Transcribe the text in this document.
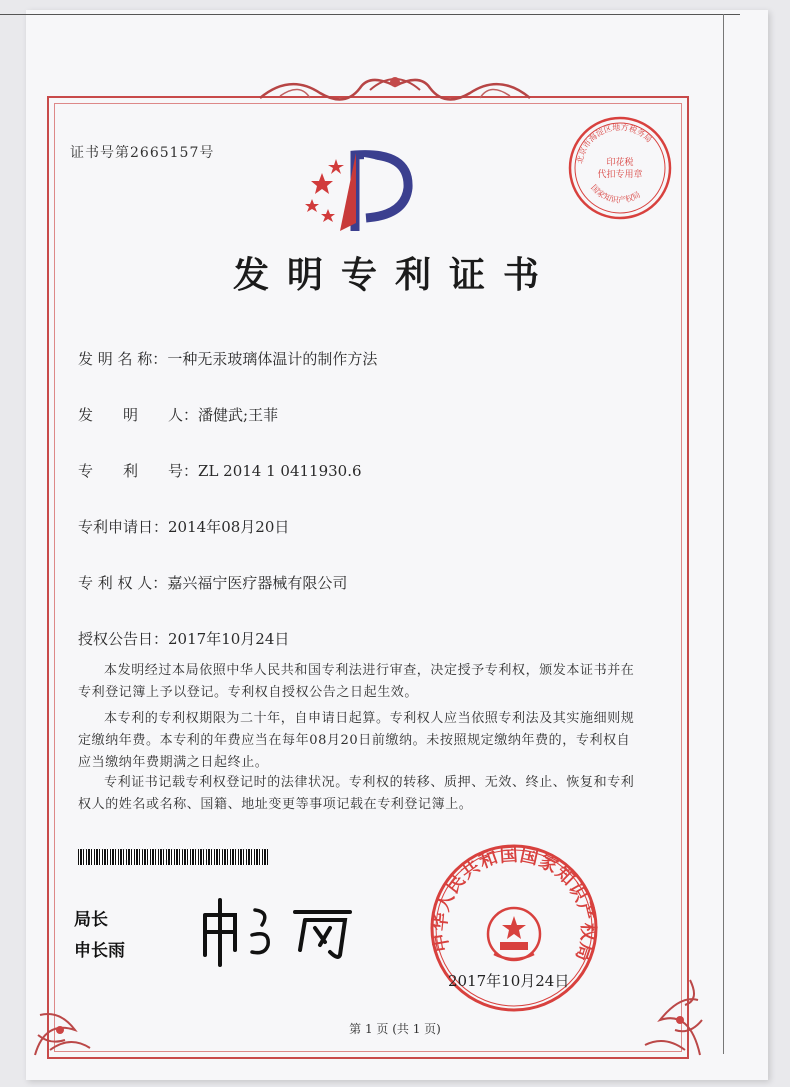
证书号第2665157号
发明专利证书
发 明 名 称：一种无汞玻璃体温计的制作方法
发　　明　　人：潘健武;王菲
专　　利　　号：ZL 2014 1 0411930.6
专利申请日：2014年08月20日
专 利 权 人：嘉兴福宁医疗器械有限公司
授权公告日：2017年10月24日
本发明经过本局依照中华人民共和国专利法进行审查，决定授予专利权，颁发本证书并在专利登记簿上予以登记。专利权自授权公告之日起生效。
本专利的专利权期限为二十年，自申请日起算。专利权人应当依照专利法及其实施细则规定缴纳年费。本专利的年费应当在每年08月20日前缴纳。未按照规定缴纳年费的，专利权自应当缴纳年费期满之日起终止。
专利证书记载专利权登记时的法律状况。专利权的转移、质押、无效、终止、恢复和专利权人的姓名或名称、国籍、地址变更等事项记载在专利登记簿上。
北京市海淀区地方税务局
印花税
代扣专用章
国家知识产权局
局长
申长雨	中华人民共和国国家知识产权局
2017年10月24日
第 1 页 (共 1 页)
